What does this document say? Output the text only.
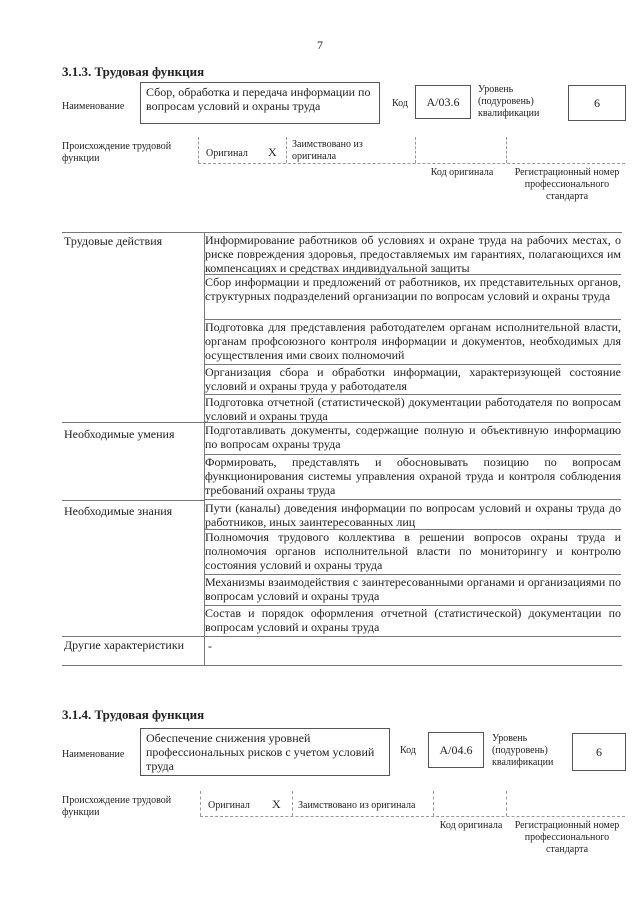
7
3.1.3. Трудовая функция
Наименование
Сбор, обработка и передача информации по вопросам условий и охраны труда	Код А/03.6
Уровень (подуровень) квалификации
6
Происхождение трудовой функции	Оригинал X
Заимствовано из оригинала
Код оригинала	Регистрационный номер профессионального стандарта
Трудовые действия	Информирование работников об условиях и охране труда на рабочих местах, о риске повреждения здоровья, предоставляемых им гарантиях, полагающихся им компенсациях и средствах индивидуальной защиты
Сбор информации и предложений от работников, их представительных органов, структурных подразделений организации по вопросам условий и охраны труда
Подготовка для представления работодателем органам исполнительной власти, органам профсоюзного контроля информации и документов, необходимых для осуществления ими своих полномочий
Организация сбора и обработки информации, характеризующей состояние условий и охраны труда у работодателя
Подготовка отчетной (статистической) документации работодателя по вопросам условий и охраны труда
Необходимые умения	Подготавливать документы, содержащие полную и объективную информацию по вопросам охраны труда
Формировать, представлять и обосновывать позицию по вопросам функционирования системы управления охраной труда и контроля соблюдения требований охраны труда
Необходимые знания	Пути (каналы) доведения информации по вопросам условий и охраны труда до работников, иных заинтересованных лиц
Полномочия трудового коллектива в решении вопросов охраны труда и полномочия органов исполнительной власти по мониторингу и контролю состояния условий и охраны труда
Механизмы взаимодействия с заинтересованными органами и организациями по вопросам условий и охраны труда
Состав и порядок оформления отчетной (статистической) документации по вопросам условий и охраны труда
Другие характеристики	-
3.1.4. Трудовая функция
Наименование
Обеспечение снижения уровней профессиональных рисков с учетом условий труда
Код А/04.6
Уровень (подуровень) квалификации
6
Происхождение трудовой функции
Оригинал X Заимствовано из оригинала
Код оригинала	Регистрационный номер профессионального стандарта
